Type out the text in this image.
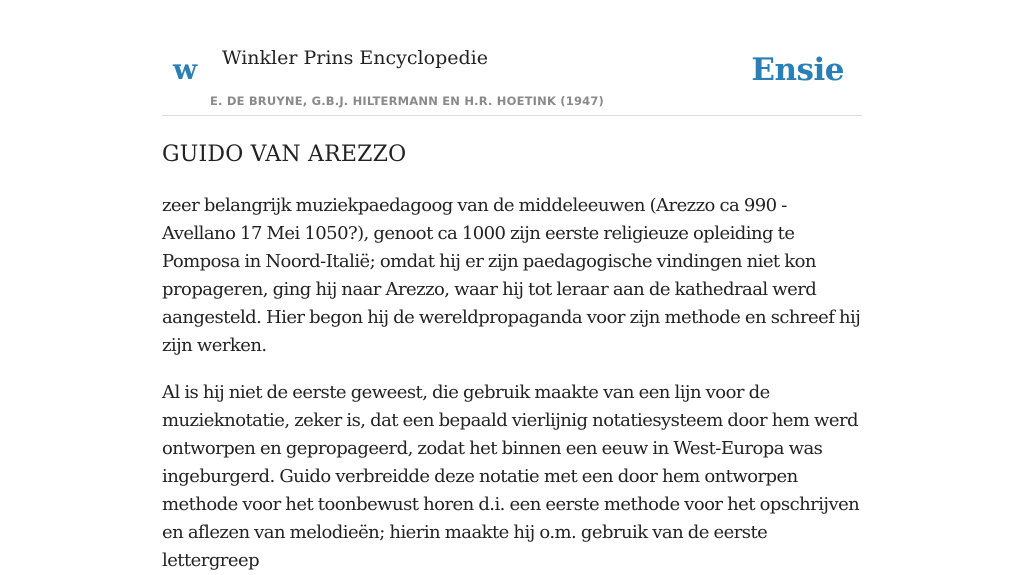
w Winkler Prins Encyclopedie
E. DE BRUYNE, G.B.J. HILTERMANN EN H.R. HOETINK (1947)
Ensie
GUIDO VAN AREZZO

zeer belangrijk muziekpaedagoog van de middeleeuwen (Arezzo ca 990 - Avellano 17 Mei 1050?), genoot ca 1000 zijn eerste religieuze opleiding te Pomposa in Noord-Italië; omdat hij er zijn paedagogische vindingen niet kon propageren, ging hij naar Arezzo, waar hij tot leraar aan de kathedraal werd aangesteld. Hier begon hij de wereldpropaganda voor zijn methode en schreef hij zijn werken.

Al is hij niet de eerste geweest, die gebruik maakte van een lijn voor de muzieknotatie, zeker is, dat een bepaald vierlijnig notatiesysteem door hem werd ontworpen en gepropageerd, zodat het binnen een eeuw in West-Europa was ingeburgerd. Guido verbreidde deze notatie met een door hem ontworpen methode voor het toonbewust horen d.i. een eerste methode voor het opschrijven en aflezen van melodieën; hierin maakte hij o.m. gebruik van de eerste lettergreep
